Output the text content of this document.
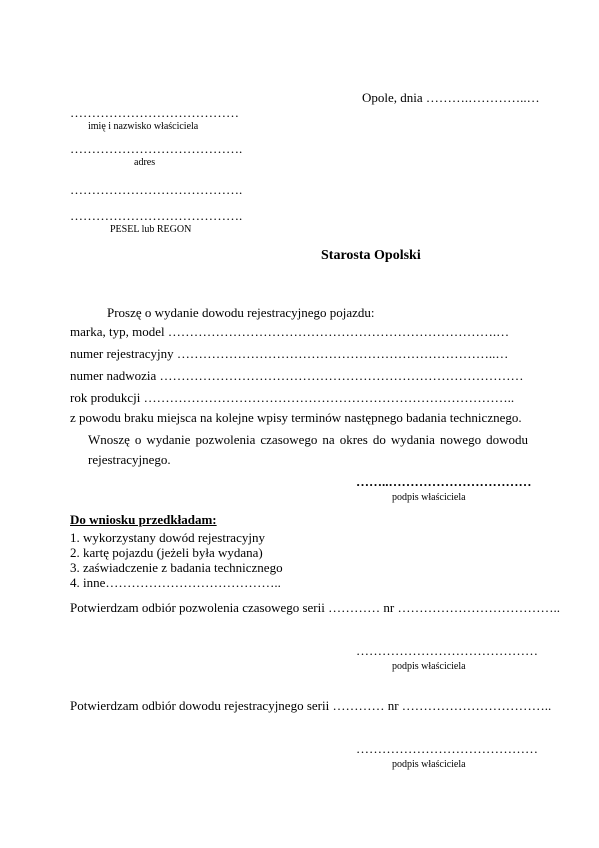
Opole, dnia ……….…………..…
…………………………………
imię i nazwisko właściciela
………………………………….
adres
………………………………….
………………………………….
PESEL lub REGON
Starosta Opolski
Proszę o wydanie dowodu rejestracyjnego pojazdu:
marka, typ, model ………………………………………………………………….…
numer rejestracyjny ………………………………………………………………..…
numer nadwozia …………………………………………………………………………
rok produkcji …………………………………………………………………………..
z powodu braku miejsca na kolejne wpisy terminów następnego badania technicznego.
Wnoszę o wydanie pozwolenia czasowego na okres do wydania nowego dowodu
rejestracyjnego.
……..……………………………
podpis właściciela
Do wniosku przedkładam:
1. wykorzystany dowód rejestracyjny
2. kartę pojazdu (jeżeli była wydana)
3. zaświadczenie z badania technicznego
4. inne…………………………………..
Potwierdzam odbiór pozwolenia czasowego serii ………… nr ………………………………..
……………………………………
podpis właściciela
Potwierdzam odbiór dowodu rejestracyjnego serii ………… nr ……………………………..
……………………………………
podpis właściciela
